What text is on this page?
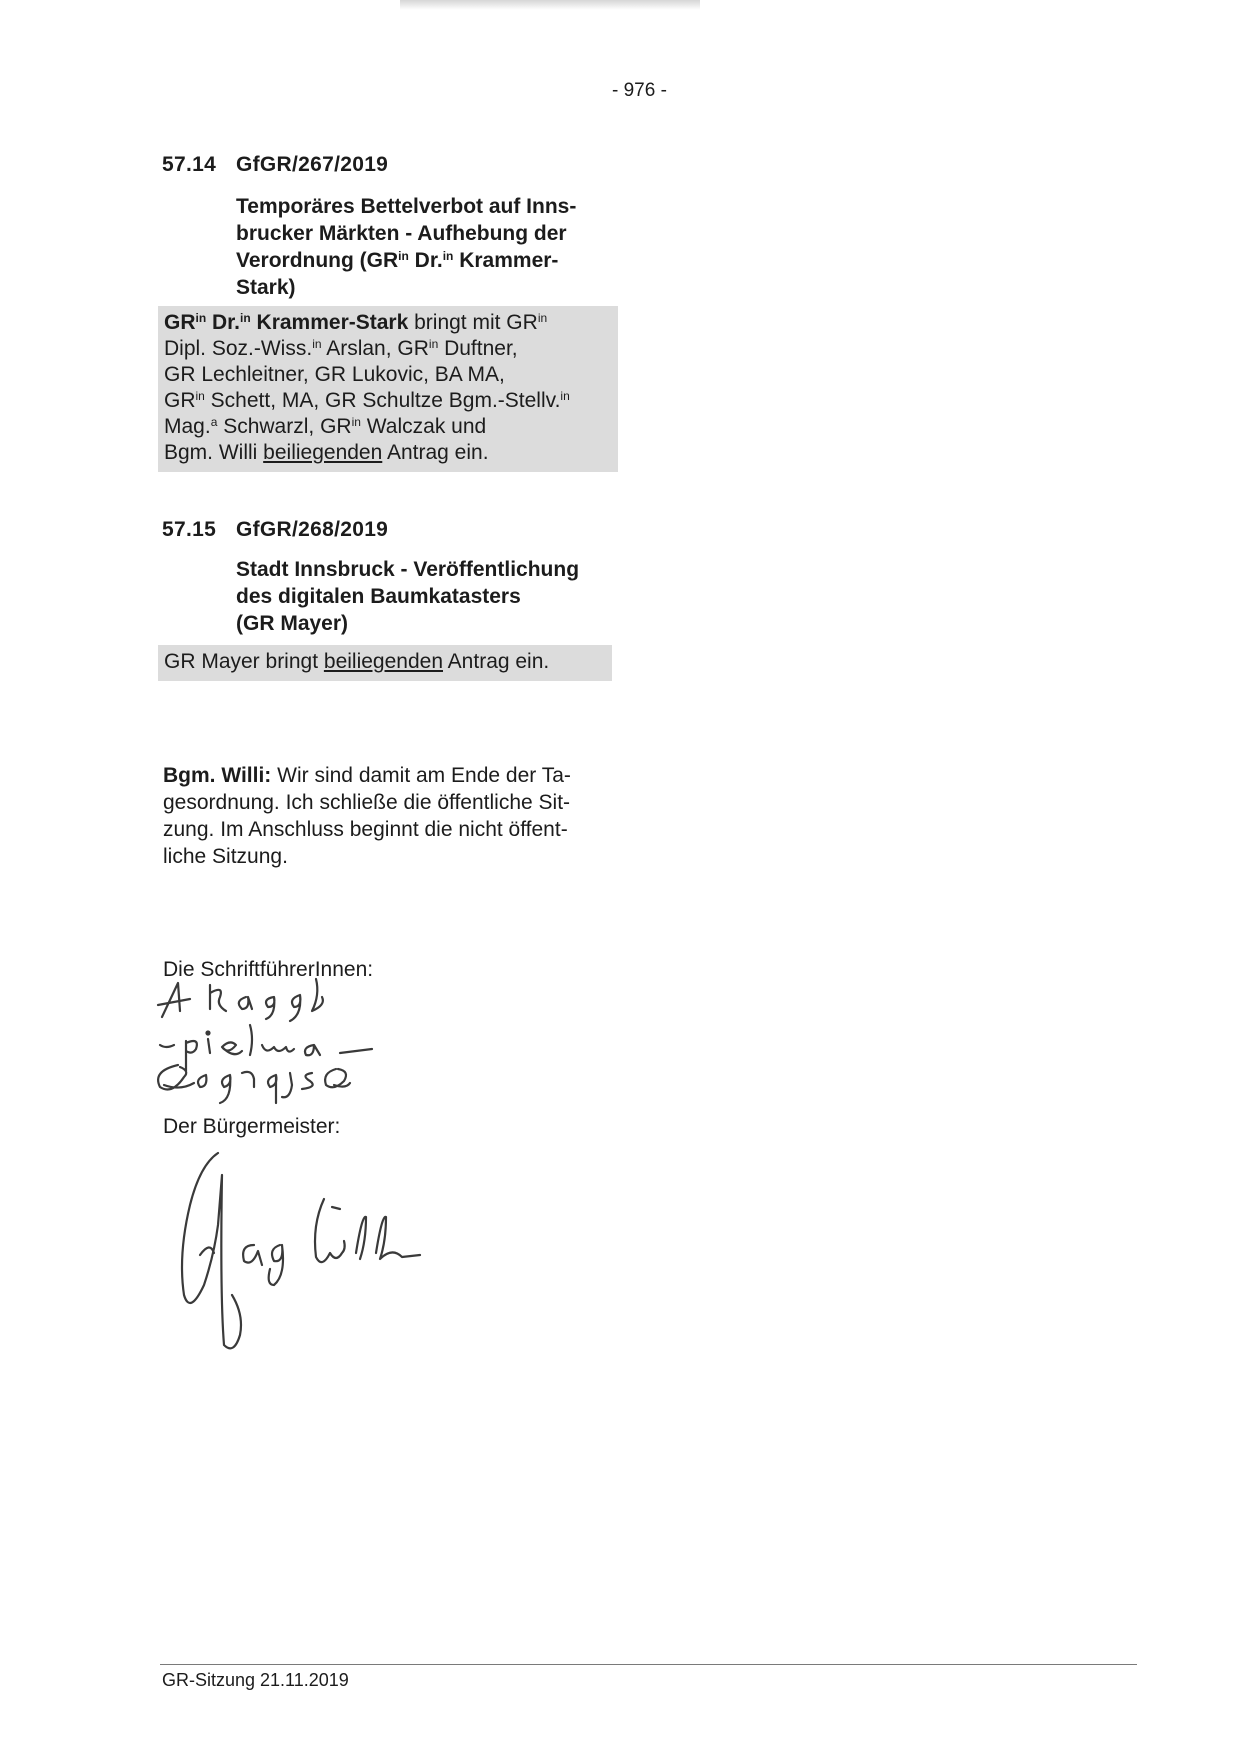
- 976 -
57.14 GfGR/267/2019
Temporäres Bettelverbot auf Inns-
brucker Märkten - Aufhebung der
Verordnung ($GR^{in}$ Dr.$^{in}$ Krammer-
Stark)
$GR^{in}$ Dr.$^{in}$ Krammer-Stark bringt mit $GR^{in}$
Dipl. Soz.-Wiss.$^{in}$ Arslan, $GR^{in}$ Duftner,
GR Lechleitner, GR Lukovic, BA MA,
$GR^{in}$ Schett, MA, GR Schultze Bgm.-Stellv.$^{in}$
Mag.$^a$ Schwarzl, $GR^{in}$ Walczak und
Bgm. Willi beiliegenden Antrag ein.
57.15 GfGR/268/2019
Stadt Innsbruck - Veröffentlichung
des digitalen Baumkatasters
(GR Mayer)
GR Mayer bringt beiliegenden Antrag ein.
Bgm. Willi: Wir sind damit am Ende der Ta-
gesordnung. Ich schließe die öffentliche Sit-
zung. Im Anschluss beginnt die nicht öffent-
liche Sitzung.
Die SchriftführerInnen:
Der Bürgermeister:
GR-Sitzung 21.11.2019
